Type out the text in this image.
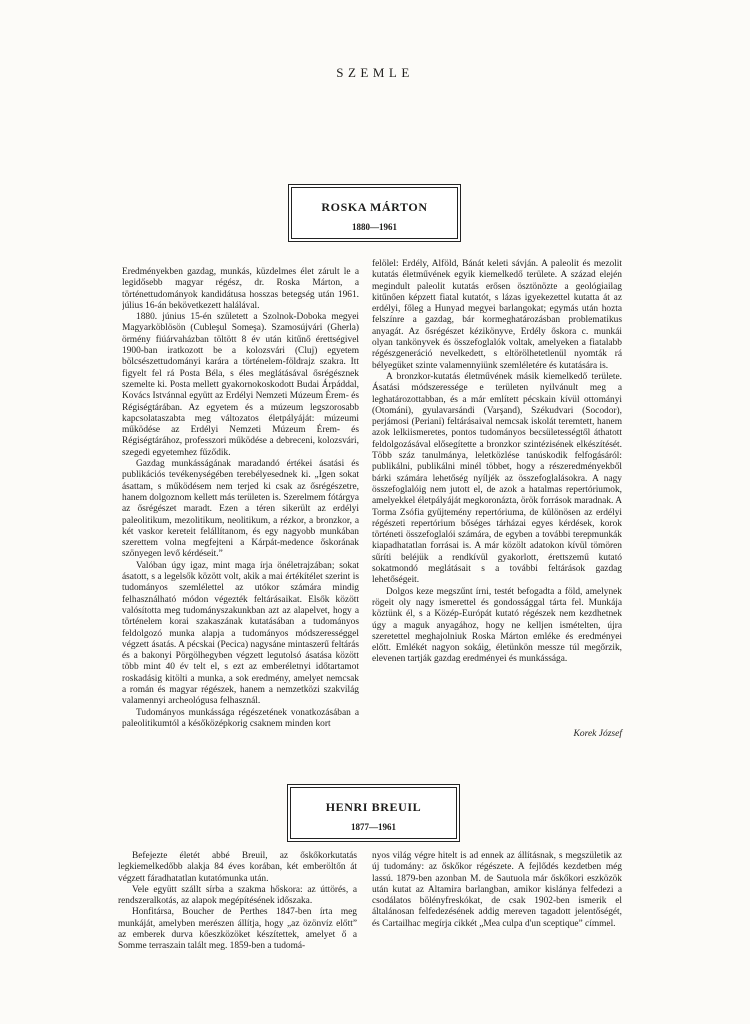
SZEMLE
ROSKA MÁRTON
1880—1961

Eredményekben gazdag, munkás, küzdelmes élet zárult le a legidősebb magyar régész, dr. Roska Márton, a történettudományok kandidátusa hosszas betegség után 1961. július 16-án bekövetkezett halálával.

1880. június 15-én született a Szolnok-Doboka megyei Magyarköblösön (Cubleşul Someşa). Szamosújvári (Gherla) örmény fiúárvaházban töltött 8 év után kitűnő érettségivel 1900-ban iratkozott be a kolozsvári (Cluj) egyetem bölcsészettudományi karára a történelem-földrajz szakra. Itt figyelt fel rá Posta Béla, s éles meglátásával ősrégésznek szemelte ki. Posta mellett gyakornokoskodott Budai Árpáddal, Kovács Istvánnal együtt az Erdélyi Nemzeti Múzeum Érem- és Régiségtárában. Az egyetem és a múzeum legszorosabb kapcsolataszabta meg változatos életpályáját: múzeumi működése az Erdélyi Nemzeti Múzeum Érem- és Régiségtárához, professzori működése a debreceni, kolozsvári, szegedi egyetemhez fűződik.

Gazdag munkásságának maradandó értékei ásatási és publikációs tevékenységében terebélyesednek ki. „Igen sokat ásattam, s működésem nem terjed ki csak az ősrégészetre, hanem dolgoznom kellett más területen is. Szerelmem fótárgya az ősrégészet maradt. Ezen a téren sikerült az erdélyi paleolitikum, mezolitikum, neolitikum, a rézkor, a bronzkor, a két vaskor kereteit felállítanom, és egy nagyobb munkában szerettem volna megfejteni a Kárpát-medence őskorának szönyegen levő kérdéseit.”

Valóban úgy igaz, mint maga írja önéletrajzában; sokat ásatott, s a legelsők között volt, akik a mai értékítélet szerint is tudományos szemlélettel az utókor számára mindig felhasználható módon végezték feltárásaikat. Elsők között valósította meg tudományszakunkban azt az alapelvet, hogy a történelem korai szakaszának kutatásában a tudományos feldolgozó munka alapja a tudományos módszerességgel végzett ásatás. A pécskai (Pecica) nagysáne mintaszerű feltárás és a bakonyi Pörgölhegyben végzett legutolsó ásatása között több mint 40 év telt el, s ezt az emberéletnyi időtartamot roskadásig kitölti a munka, a sok eredmény, amelyet nemcsak a román és magyar régészek, hanem a nemzetközi szakvilág valamennyi archeológusa felhasznál.

Tudományos munkássága régészetének vonatkozásában a paleolitikumtól a későközépkorig csaknem minden kort

felölel: Erdély, Alföld, Bánát keleti sávján. A paleolit és mezolit kutatás életművének egyik kiemelkedő területe. A század elején megindult paleolit kutatás erősen ösztönözte a geológiailag kitűnően képzett fiatal kutatót, s lázas igyekezettel kutatta át az erdélyi, főleg a Hunyad megyei barlangokat; egymás után hozta felszínre a gazdag, bár kormeghatározásban problematikus anyagát. Az ősrégészet kézikönyve, Erdély őskora c. munkái olyan tankönyvek és összefoglalók voltak, amelyeken a fiatalabb régészgeneráció nevelkedett, s eltörölhetetlenül nyomták rá bélyegüket szinte valamennyiünk szemléletére és kutatására is.

A bronzkor-kutatás életművének másik kiemelkedő területe. Ásatási módszeressége e területen nyilvánult meg a leghatározottabban, és a már említett pécskain kívül ottományi (Otománi), gyulavarsándi (Varşand), Székudvari (Socodor), perjámosi (Periani) feltárásaival nemcsak iskolát teremtett, hanem azok lelkiismeretes, pontos tudományos becsületességtől áthatott feldolgozásával elősegítette a bronzkor szintézisének elkészítését. Több száz tanulmánya, leletközlése tanúskodik felfogásáról: publikálni, publikálni minél többet, hogy a részeredményekből bárki számára lehetőség nyíljék az összefoglalásokra. A nagy összefoglalóig nem jutott el, de azok a hatalmas repertóriumok, amelyekkel életpályáját megkoronázta, örök források maradnak. A Torma Zsófia gyűjtemény repertóriuma, de különösen az erdélyi régészeti repertórium bőséges tárházai egyes kérdések, korok történeti összefoglalói számára, de egyben a további terepmunkák kiapadhatatlan forrásai is. A már közölt adatokon kívül tömören sűríti beléjük a rendkívül gyakorlott, érettszemű kutató sokatmondó meglátásait s a további feltárások gazdag lehetőségeit.

Dolgos keze megszűnt írni, testét befogadta a föld, amelynek rögeit oly nagy ismerettel és gondossággal tárta fel. Munkája köztünk él, s a Közép-Európát kutató régészek nem kezdhetnek úgy a maguk anyagához, hogy ne kelljen ismételten, újra szeretettel meghajolniuk Roska Márton emléke és eredményei előtt. Emlékét nagyon sokáig, életünkön messze túl megőrzik, elevenen tartják gazdag eredményei és munkássága.

Korek József
HENRI BREUIL
1877—1961

Befejezte életét abbé Breuil, az őskőkorkutatás legkiemelkedőbb alakja 84 éves korában, két emberöltőn át végzett fáradhatatlan kutatómunka után.

Vele együtt szállt sírba a szakma hőskora: az úttörés, a rendszeralkotás, az alapok megépítésének időszaka.

Honfitársa, Boucher de Perthes 1847-ben írta meg munkáját, amelyben merészen állítja, hogy „az özönvíz előtt” az emberek durva kőeszközöket készítettek, amelyet ő a Somme terraszain talált meg. 1859-ben a tudomá-

nyos világ végre hitelt is ad ennek az állításnak, s megszületik az új tudomány: az őskőkor régészete. A fejlődés kezdetben még lassú. 1879-ben azonban M. de Sautuola már őskőkori eszközök után kutat az Altamira barlangban, amikor kislánya felfedezi a csodálatos bölényfreskókat, de csak 1902-ben ismerik el általánosan felfedezésének addig mereven tagadott jelentőségét, és Cartailhac megírja cikkét „Mea culpa d'un sceptique” címmel.
